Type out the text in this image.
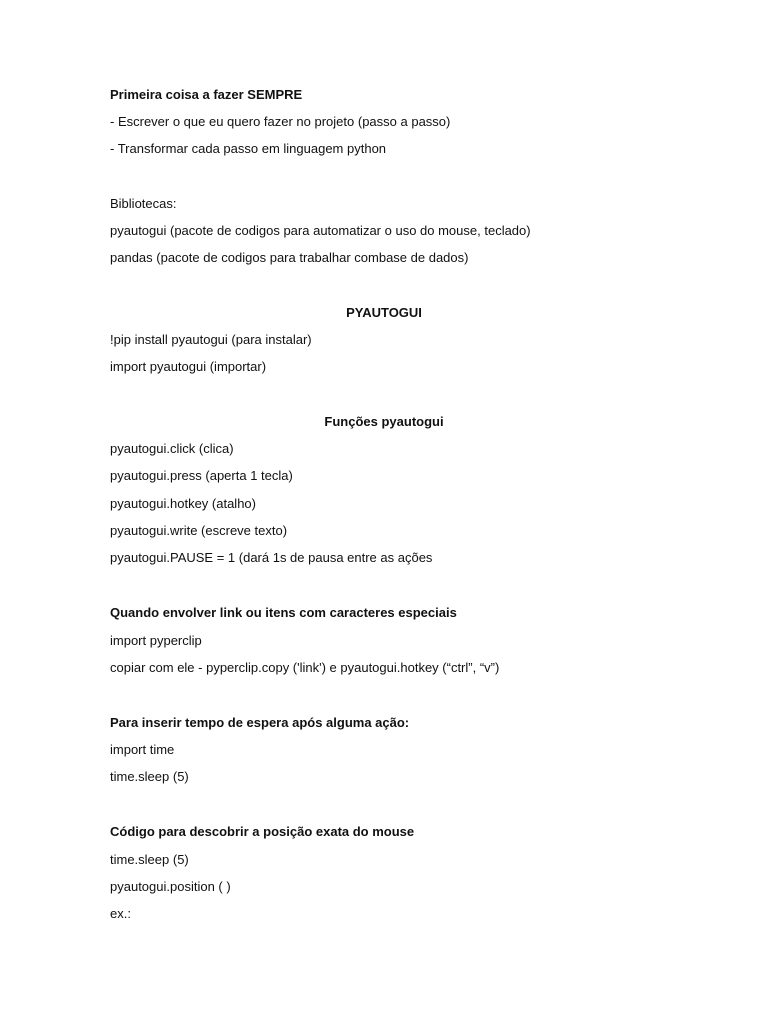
Primeira coisa a fazer SEMPRE
- Escrever o que eu quero fazer no projeto (passo a passo)
- Transformar cada passo em linguagem python
Bibliotecas:
pyautogui (pacote de codigos para automatizar o uso do mouse, teclado)
pandas (pacote de codigos para trabalhar combase de dados)
PYAUTOGUI
!pip install pyautogui (para instalar)
import pyautogui (importar)
Funções pyautogui
pyautogui.click (clica)
pyautogui.press (aperta 1 tecla)
pyautogui.hotkey (atalho)
pyautogui.write (escreve texto)
pyautogui.PAUSE = 1 (dará 1s de pausa entre as ações
Quando envolver link ou itens com caracteres especiais
import pyperclip
copiar com ele - pyperclip.copy ('link') e pyautogui.hotkey (“ctrl”, “v”)
Para inserir tempo de espera após alguma ação:
import time
time.sleep (5)
Código para descobrir a posição exata do mouse
time.sleep (5)
pyautogui.position ( )
ex.:
